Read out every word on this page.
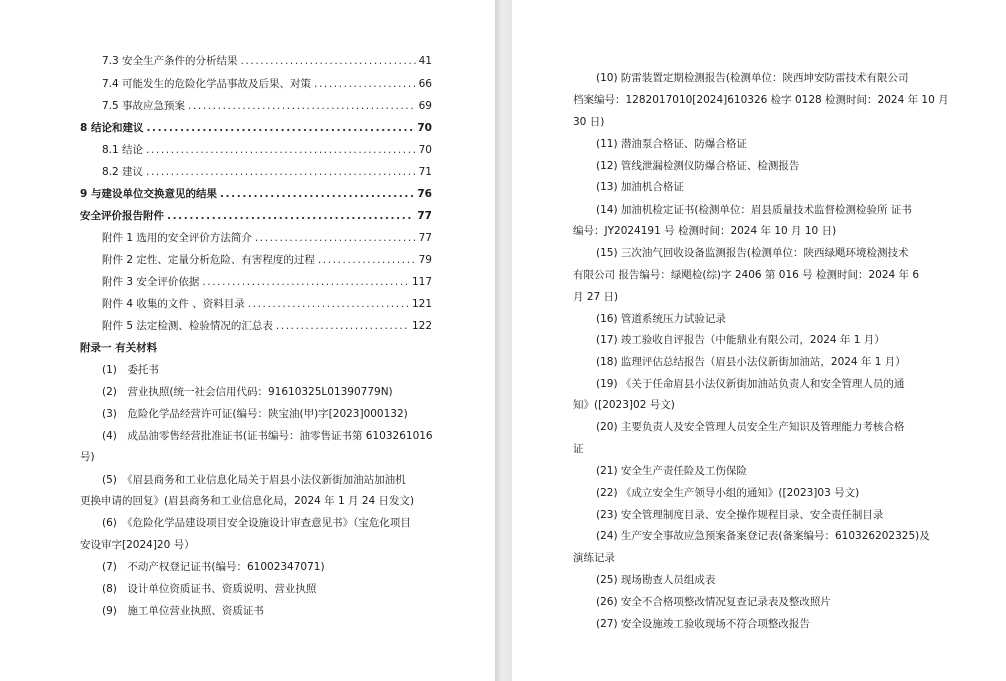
7.3 安全生产条件的分析结果 .....	41
7.4 可能发生的危险化学品事故及后果、对策 .....	66
7.5 事故应急预案 .....	69
8 结论和建议 .....	70
8.1 结论 .....	70
8.2 建议 .....	71
9 与建设单位交换意见的结果 .....	76
安全评价报告附件 .....	77
附件 1 选用的安全评价方法简介 .....	77
附件 2 定性、定量分析危险、有害程度的过程 .....	79
附件 3 安全评价依据 .....	117
附件 4 收集的文件 、资料目录 .....	121
附件 5 法定检测、检验情况的汇总表 .....	122
附录一 有关材料
(1)　委托书
(2)　营业执照(统一社会信用代码：91610325L01390779N)
(3)　危险化学品经营许可证(编号：陕宝油(甲)字[2023]000132)
(4)　成品油零售经营批准证书(证书编号：油零售证书第 6103261016
号)
(5)　《眉县商务和工业信息化局关于眉县小法仪新街加油站加油机
更换申请的回复》(眉县商务和工业信息化局，2024 年 1 月 24 日发文)
(6)　《危险化学品建设项目安全设施设计审查意见书》（宝危化项目
安设审字[2024]20 号）
(7)　不动产权登记证书(编号：61002347071)
(8)　设计单位资质证书、资质说明、营业执照
(9)　施工单位营业执照、资质证书
(10) 防雷装置定期检测报告(检测单位：陕西坤安防雷技术有限公司
档案编号：1282017010[2024]610326 检字 0128 检测时间：2024 年 10 月
30 日)
(11) 潜油泵合格证、防爆合格证
(12) 管线泄漏检测仪防爆合格证、检测报告
(13) 加油机合格证
(14) 加油机检定证书(检测单位：眉县质量技术监督检测检验所 证书
编号：JY2024191 号 检测时间：2024 年 10 月 10 日)
(15) 三次油气回收设备监测报告(检测单位：陕西绿飓环境检测技术
有限公司 报告编号：绿飓检(综)字 2406 第 016 号 检测时间：2024 年 6
月 27 日)
(16) 管道系统压力试验记录
(17) 竣工验收自评报告（中能鼎业有限公司，2024 年 1 月）
(18) 监理评估总结报告（眉县小法仪新街加油站，2024 年 1 月）
(19) 《关于任命眉县小法仪新街加油站负责人和安全管理人员的通
知》([2023]02 号文)
(20) 主要负责人及安全管理人员安全生产知识及管理能力考核合格
证
(21) 安全生产责任险及工伤保险
(22) 《成立安全生产领导小组的通知》([2023]03 号文)
(23) 安全管理制度目录、安全操作规程目录、安全责任制目录
(24) 生产安全事故应急预案备案登记表(备案编号：610326202325)及
演练记录
(25) 现场勘查人员组成表
(26) 安全不合格项整改情况复查记录表及整改照片
(27) 安全设施竣工验收现场不符合项整改报告
